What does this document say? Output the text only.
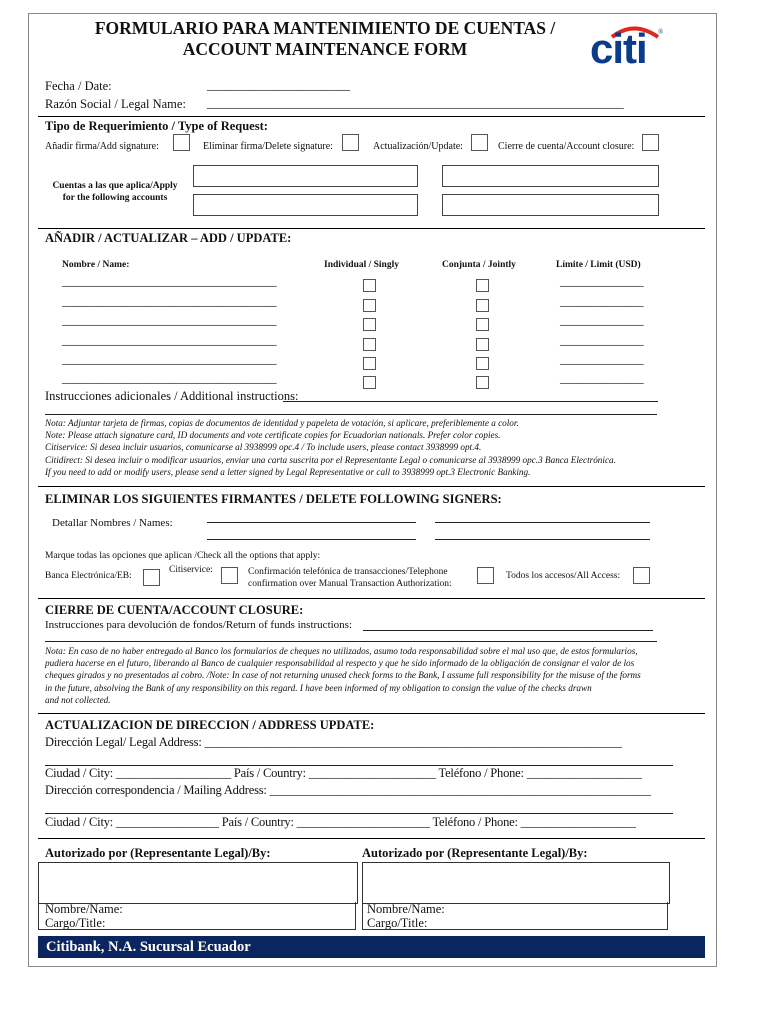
FORMULARIO PARA MANTENIMIENTO DE CUENTAS /
ACCOUNT MAINTENANCE FORM	citi ®
Fecha / Date:	________________________
Razón Social / Legal Name: ______________________________________________________________________
Tipo de Requerimiento / Type of Request:
Añadir firma/Add signature:	Eliminar firma/Delete signature:	Actualización/Update:	Cierre de cuenta/Account closure:
Cuentas a las que aplica/Apply
for the following accounts
AÑADIR / ACTUALIZAR – ADD / UPDATE:
Nombre / Name:	Individual / Singly	Conjunta / Jointly	Límite / Limit (USD)
____________________________________	______________
____________________________________	______________
____________________________________	______________
____________________________________	______________
____________________________________	______________
____________________________________	______________
Instrucciones adicionales / Additional instructions:
Nota: Adjuntar tarjeta de firmas, copias de documentos de identidad y papeleta de votación, si aplicare, preferiblemente a color.
Note: Please attach signature card, ID documents and vote certificate copies for Ecuadorian nationals. Prefer color copies.
Citiservice: Si desea incluir usuarios, comunicarse al 3938999 opc.4 / To include users, please contact 3938999 opt.4.
Citidirect: Si desea incluir o modificar usuarios, enviar una carta suscrita por el Representante Legal o comunicarse al 3938999 opc.3 Banca Electrónica.
If you need to add or modify users, please send a letter signed by Legal Representative or call to 3938999 opt.3 Electronic Banking.
ELIMINAR LOS SIGUIENTES FIRMANTES / DELETE FOLLOWING SIGNERS:
Detallar Nombres / Names:
Marque todas las opciones que aplican /Check all the options that apply:
Banca Electrónica/EB:
Citiservice:	Confirmación telefónica de transacciones/Telephone
confirmation over Manual Transaction Authorization:
Todos los accesos/All Access:
CIERRE DE CUENTA/ACCOUNT CLOSURE:
Instrucciones para devolución de fondos/Return of funds instructions:
Nota: En caso de no haber entregado al Banco los formularios de cheques no utilizados, asumo toda responsabilidad sobre el mal uso que, de estos formularios,
pudiera hacerse en el futuro, liberando al Banco de cualquier responsabilidad al respecto y que he sido informado de la obligación de consignar el valor de los
cheques girados y no presentados al cobro. /Note: In case of not returning unused check forms to the Bank, I assume full responsibility for the misuse of the forms
in the future, absolving the Bank of any responsibility on this regard. I have been informed of my obligation to consign the value of the checks drawn
and not collected.
ACTUALIZACION DE DIRECCION / ADDRESS UPDATE:
Dirección Legal/ Legal Address: _____________________________________________________________________
Ciudad / City: ___________________ País / Country: _____________________ Teléfono / Phone: ___________________
Dirección correspondencia / Mailing Address: _______________________________________________________________
Ciudad / City: _________________ País / Country: ______________________ Teléfono / Phone: ___________________
Autorizado por (Representante Legal)/By:	Autorizado por (Representante Legal)/By:
Nombre/Name:
Cargo/Title:
Nombre/Name:
Cargo/Title:
Citibank, N.A. Sucursal Ecuador
